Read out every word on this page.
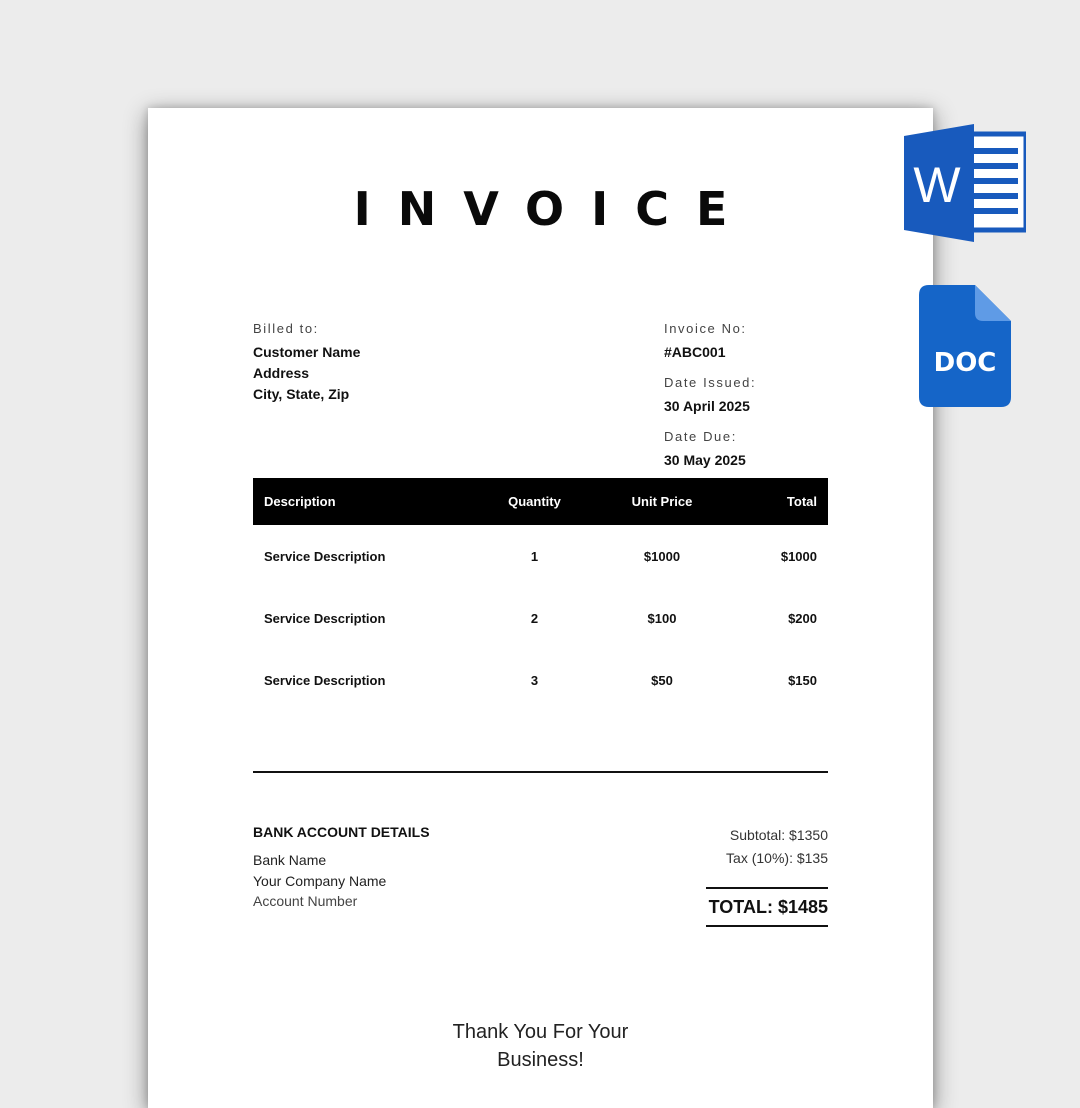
INVOICE
Billed to:
Customer Name
Address
City, State, Zip
Invoice No:
#ABC001
Date Issued:
30 April 2025
Date Due:
30 May 2025
Description	Quantity	Unit Price	Total
Service Description	1	$1000	$1000
Service Description	2	$100	$200
Service Description	3	$50	$150
BANK ACCOUNT DETAILS
Bank Name
Your Company Name
Account Number
Subtotal: $1350
Tax (10%): $135
TOTAL: $1485
Thank You For Your
Business!
W
DOC
